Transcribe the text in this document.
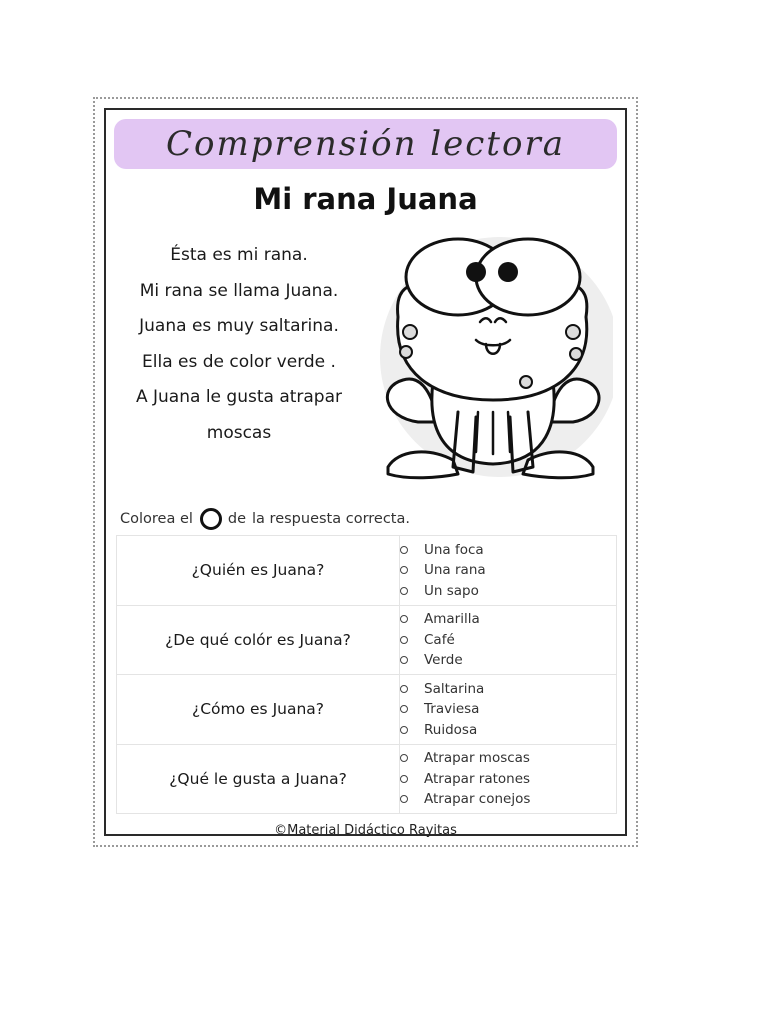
Comprensión lectora
Mi rana Juana
Ésta es mi rana.
Mi rana se llama Juana.
Juana es muy saltarina.
Ella es de color verde .
A Juana le gusta atrapar
moscas
Colorea el de la respuesta correcta.
¿Quién es Juana?	Una foca
Una rana
Un sapo

¿De qué colór es Juana?	Amarilla
Café
Verde

¿Cómo es Juana?	Saltarina
Traviesa
Ruidosa

¿Qué le gusta a Juana?	Atrapar moscas
Atrapar ratones
Atrapar conejos
©Material Didáctico Rayitas
